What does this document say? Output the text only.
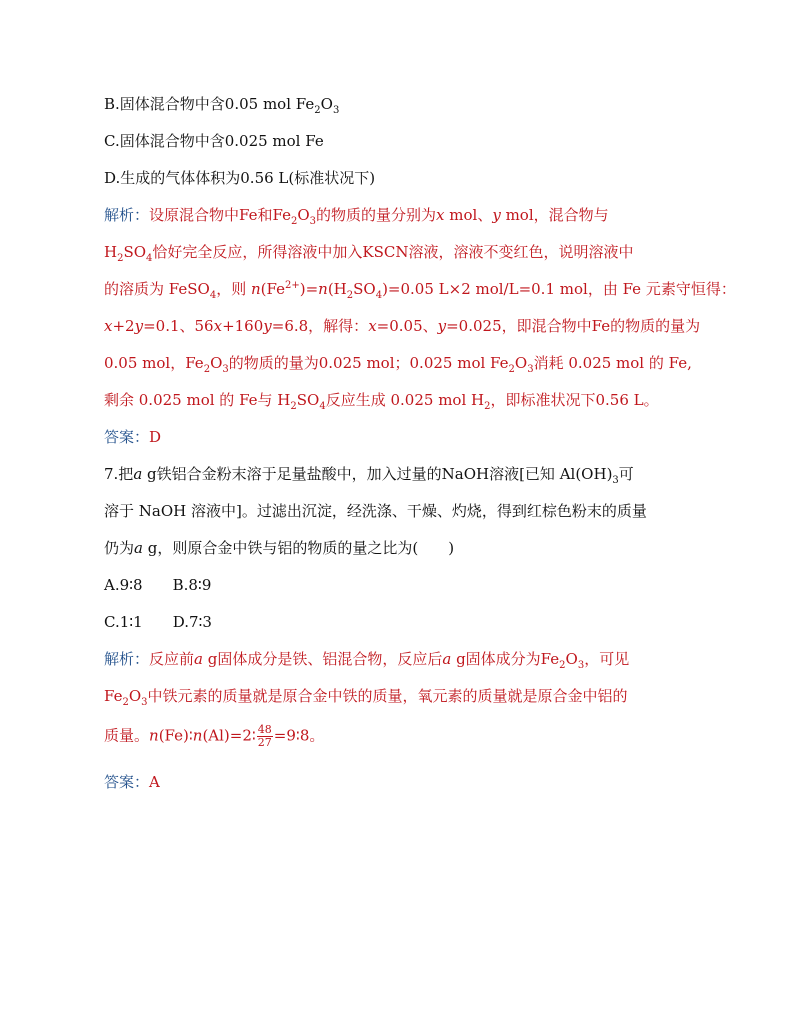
B.固体混合物中含0.05 mol $Fe_2O_3$
C.固体混合物中含0.025 mol Fe
D.生成的气体体积为0.56 L(标准状况下)
解析：设原混合物中Fe和$Fe_2O_3$的物质的量分别为x mol、y mol，混合物与
$H_2SO_4$恰好完全反应，所得溶液中加入KSCN溶液，溶液不变红色，说明溶液中
的溶质为 FeSO$_4$，则 $n(Fe^{2+})=n(H_2SO_4)=0.05$ L×2 mol/L=0.1 mol，由 Fe 元素守恒得：
x+2y=0.1、56x+160y=6.8，解得：x=0.05、y=0.025，即混合物中Fe的物质的量为
0.05 mol，$Fe_2O_3$的物质的量为0.025 mol；0.025 mol $Fe_2O_3$消耗 0.025 mol 的 Fe,
剩余 0.025 mol 的 Fe与 $H_2SO_4$反应生成 0.025 mol $H_2$，即标准状况下0.56 L。
答案：D
7.把a g铁铝合金粉末溶于足量盐酸中，加入过量的NaOH溶液[已知 $Al(OH)_3$可
溶于 NaOH 溶液中]。过滤出沉淀，经洗涤、干燥、灼烧，得到红棕色粉末的质量
仍为a g，则原合金中铁与铝的物质的量之比为(　　)
A.9∶8　　B.8∶9
C.1∶1　　D.7∶3
解析：反应前a g固体成分是铁、铝混合物，反应后a g固体成分为$Fe_2O_3$，可见
$Fe_2O_3$中铁元素的质量就是原合金中铁的质量，氧元素的质量就是原合金中铝的
质量。n(Fe)∶n(Al)=2∶ $\frac{48}{27}$ =9∶8。
答案：A
